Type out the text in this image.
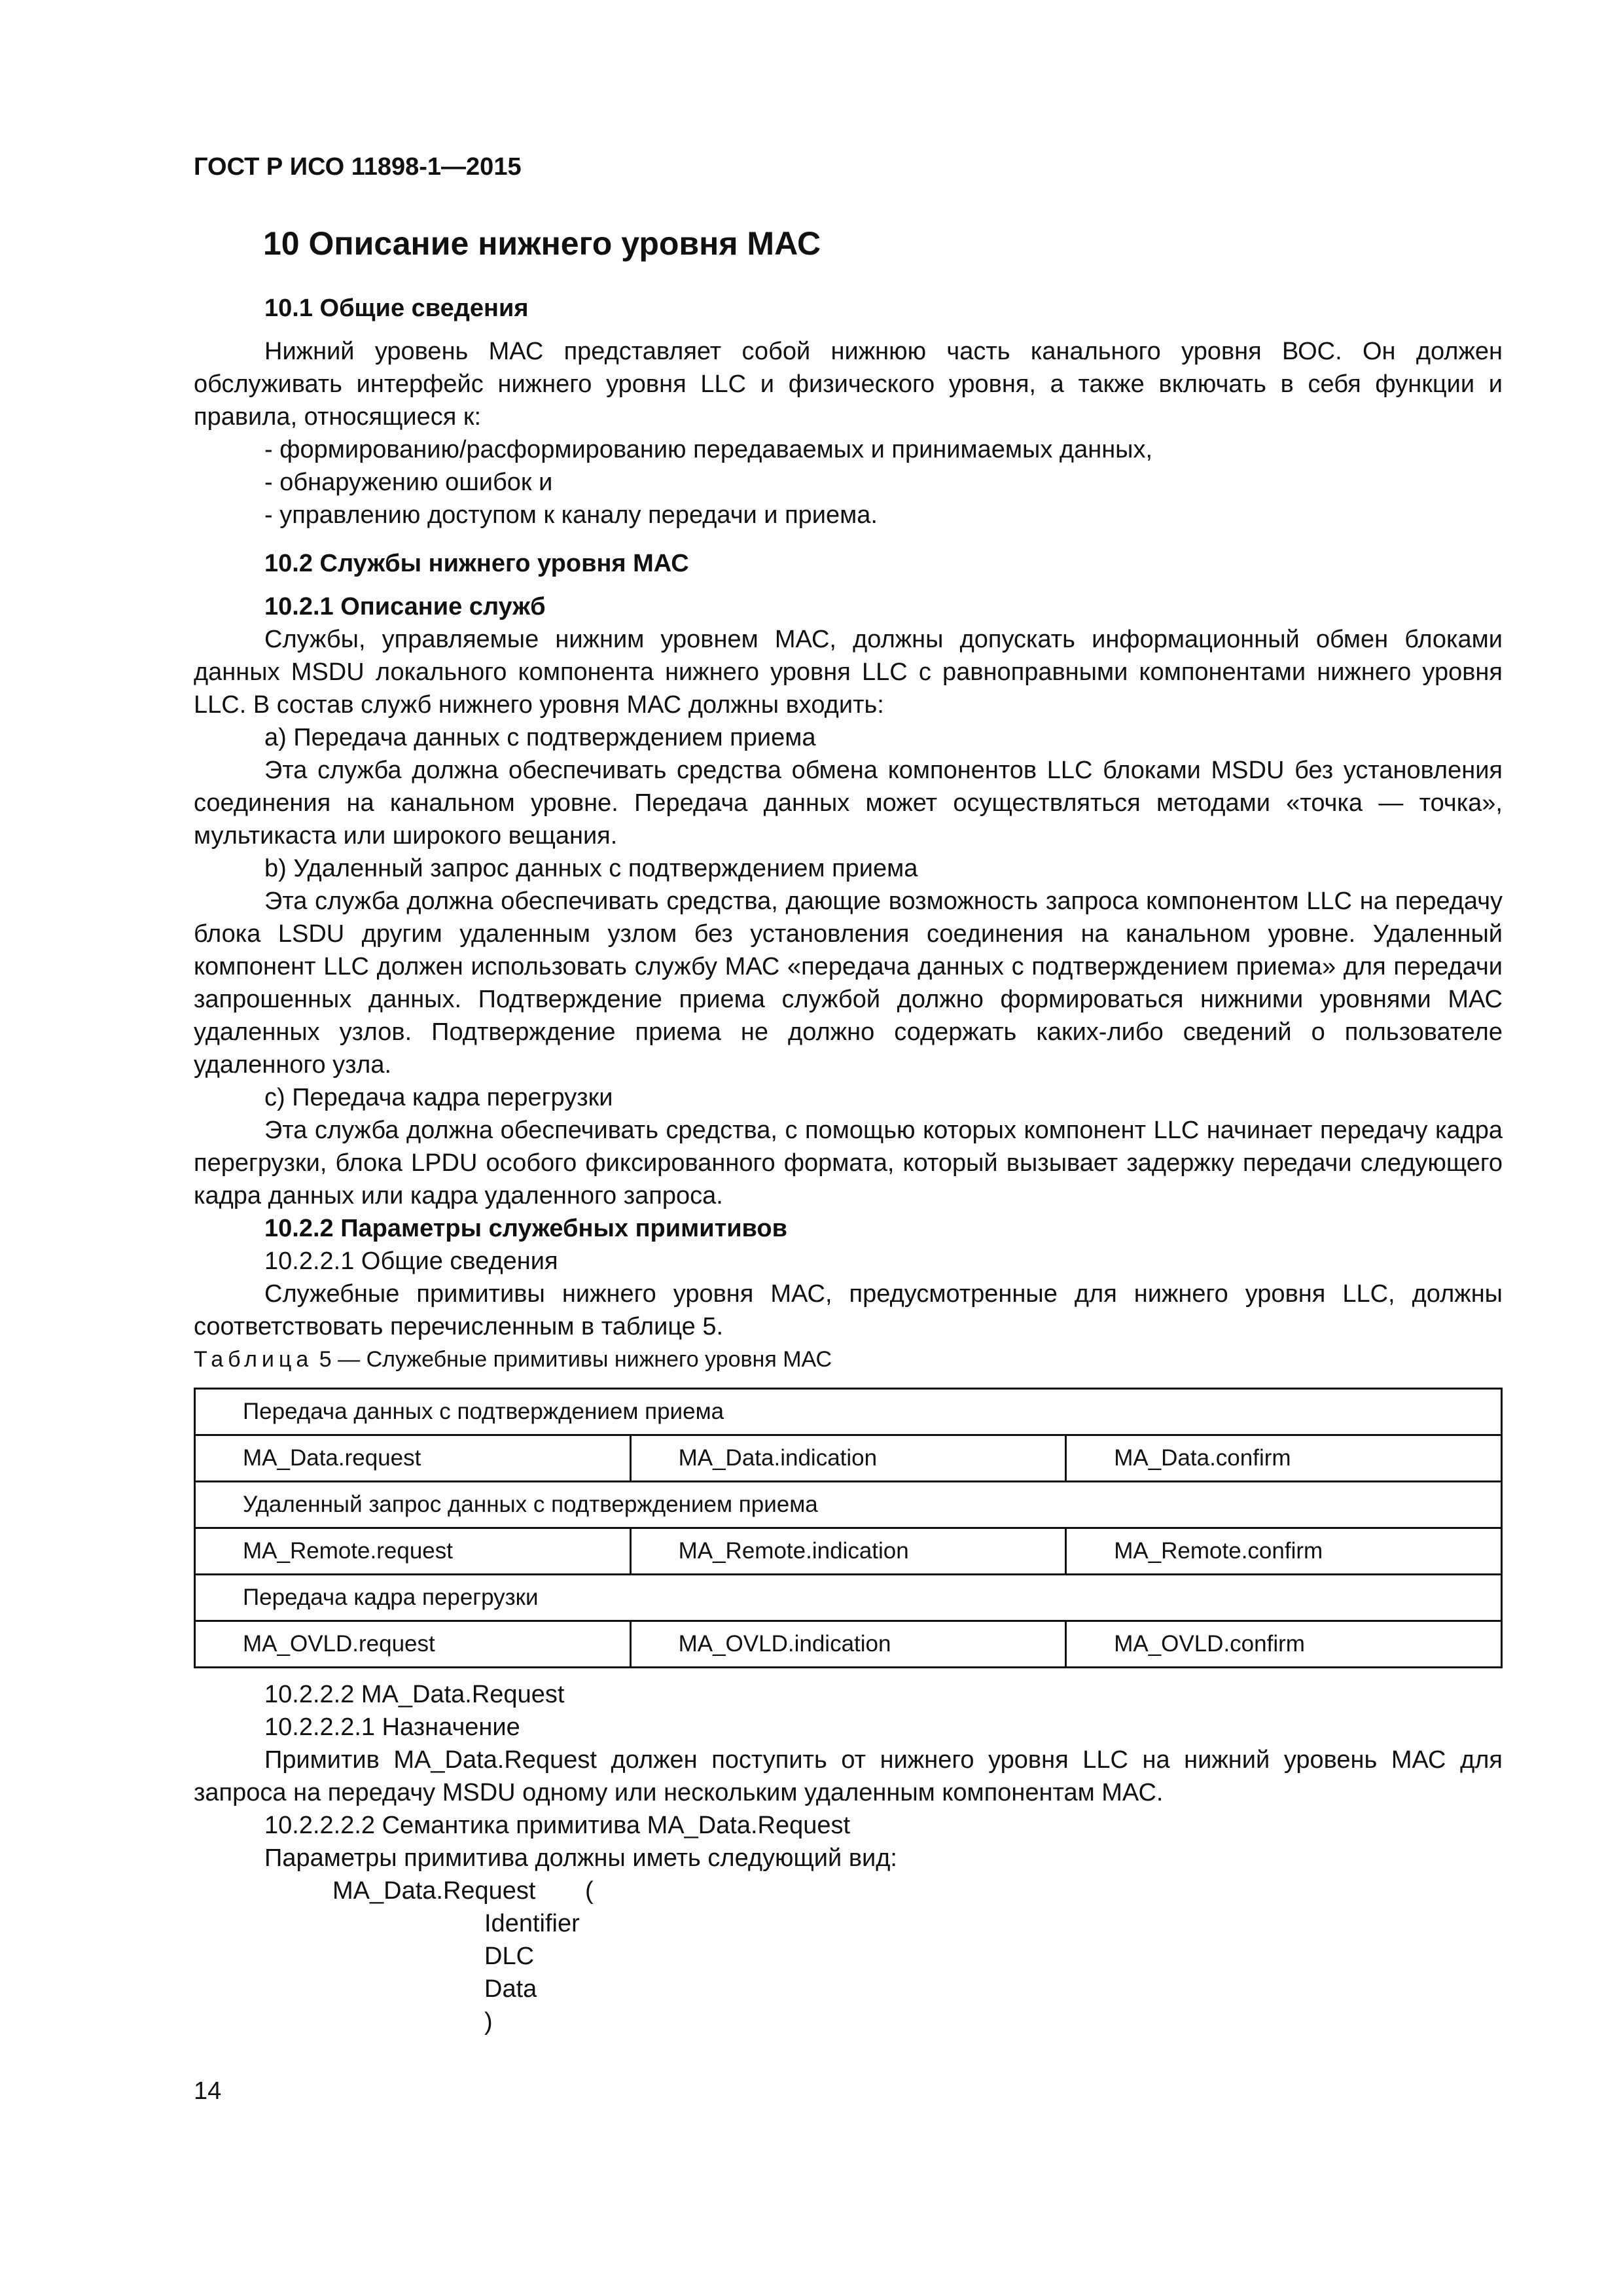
ГОСТ Р ИСО 11898-1—2015
10 Описание нижнего уровня МАС

10.1 Общие сведения

Нижний уровень МАС представляет собой нижнюю часть канального уровня ВОС. Он должен обслуживать интерфейс нижнего уровня LLC и физического уровня, а также включать в себя функции и правила, относящиеся к:

- формированию/расформированию передаваемых и принимаемых данных,

- обнаружению ошибок и

- управлению доступом к каналу передачи и приема.

10.2 Службы нижнего уровня МАС

10.2.1 Описание служб

Службы, управляемые нижним уровнем МАС, должны допускать информационный обмен блоками данных MSDU локального компонента нижнего уровня LLC с равноправными компонентами нижнего уровня LLC. В состав служб нижнего уровня МАС должны входить:

a) Передача данных с подтверждением приема

Эта служба должна обеспечивать средства обмена компонентов LLC блоками MSDU без установления соединения на канальном уровне. Передача данных может осуществляться методами «точка — точка», мультикаста или широкого вещания.

b) Удаленный запрос данных с подтверждением приема

Эта служба должна обеспечивать средства, дающие возможность запроса компонентом LLC на передачу блока LSDU другим удаленным узлом без установления соединения на канальном уровне. Удаленный компонент LLC должен использовать службу МАС «передача данных с подтверждением приема» для передачи запрошенных данных. Подтверждение приема службой должно формироваться нижними уровнями МАС удаленных узлов. Подтверждение приема не должно содержать каких-либо сведений о пользователе удаленного узла.

c) Передача кадра перегрузки

Эта служба должна обеспечивать средства, с помощью которых компонент LLC начинает передачу кадра перегрузки, блока LPDU особого фиксированного формата, который вызывает задержку передачи следующего кадра данных или кадра удаленного запроса.

10.2.2 Параметры служебных примитивов

10.2.2.1 Общие сведения

Служебные примитивы нижнего уровня МАС, предусмотренные для нижнего уровня LLC, должны соответствовать перечисленным в таблице 5.

Таблица 5 — Служебные примитивы нижнего уровня МАС
Передача данных с подтверждением приема		
MA_Data.request	MA_Data.indication	MA_Data.confirm
Удаленный запрос данных с подтверждением приема		
MA_Remote.request	MA_Remote.indication	MA_Remote.confirm
Передача кадра перегрузки		
MA_OVLD.request	MA_OVLD.indication	MA_OVLD.confirm

10.2.2.2 MA_Data.Request

10.2.2.2.1 Назначение

Примитив MA_Data.Request должен поступить от нижнего уровня LLC на нижний уровень МАС для запроса на передачу MSDU одному или нескольким удаленным компонентам МАС.

10.2.2.2.2 Семантика примитива MA_Data.Request

Параметры примитива должны иметь следующий вид:

MA_Data.Request (
Identifier
DLC
Data
)
14
